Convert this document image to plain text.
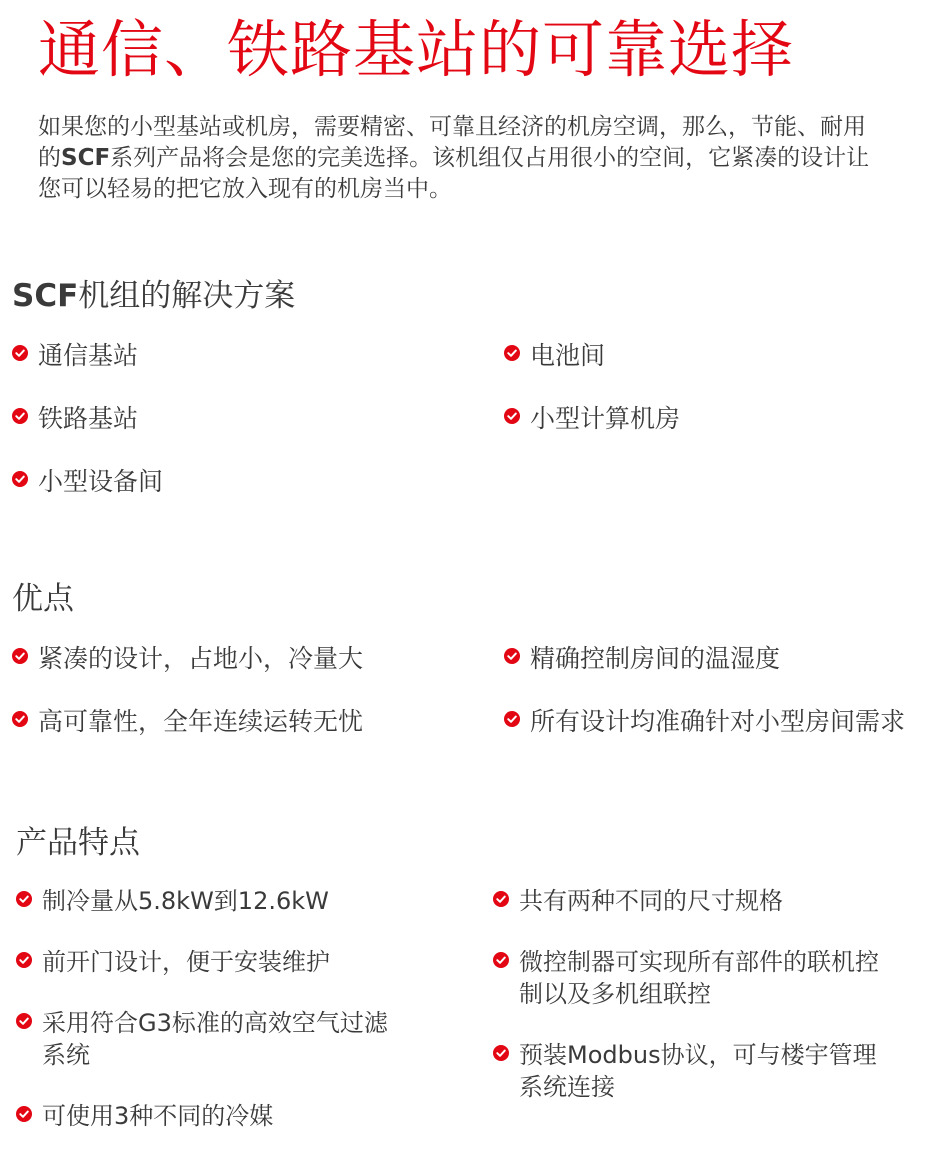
通信、铁路基站的可靠选择

如果您的小型基站或机房，需要精密、可靠且经济的机房空调，那么，节能、耐用的SCF系列产品将会是您的完美选择。该机组仅占用很小的空间，它紧凑的设计让您可以轻易的把它放入现有的机房当中。

SCF机组的解决方案
通信基站	电池间
铁路基站	小型计算机房
小型设备间
优点
紧凑的设计，占地小，冷量大	精确控制房间的温湿度
高可靠性，全年连续运转无忧	所有设计均准确针对小型房间需求
产品特点
制冷量从5.8kW到12.6kW	共有两种不同的尺寸规格
前开门设计，便于安装维护	微控制器可实现所有部件的联机控制以及多机组联控
采用符合G3标准的高效空气过滤系统	预装Modbus协议，可与楼宇管理系统连接
可使用3种不同的冷媒
